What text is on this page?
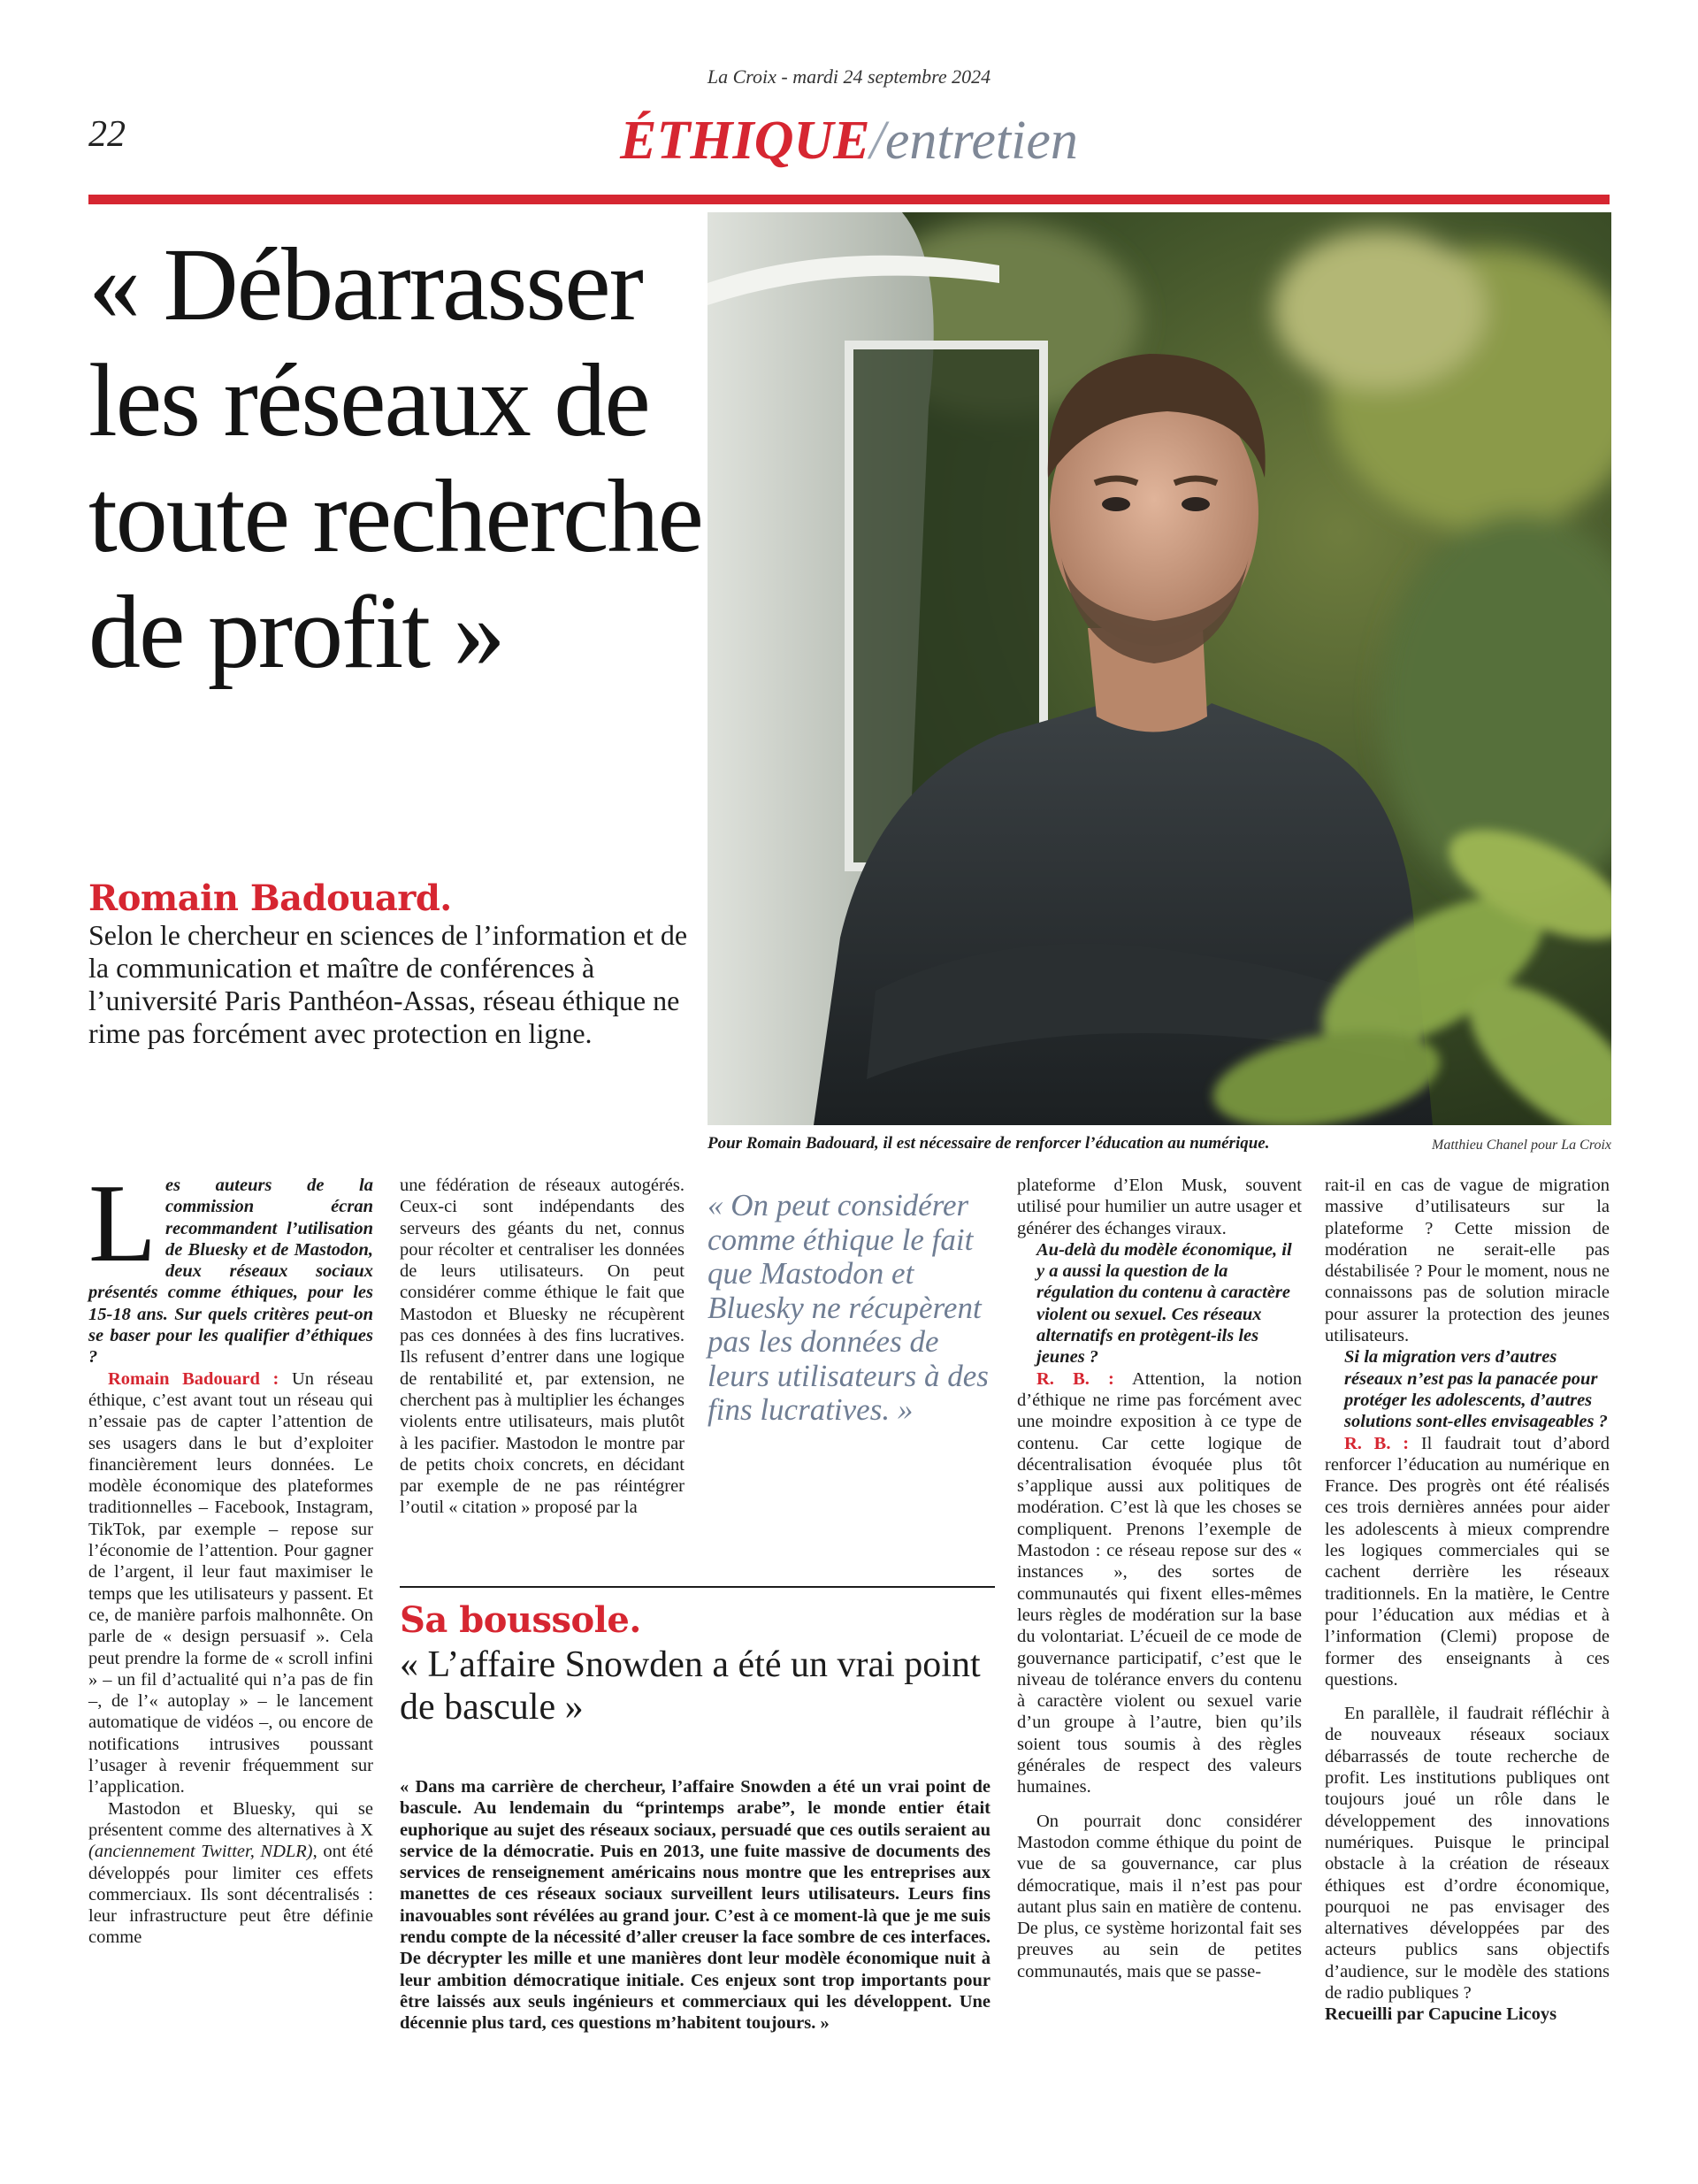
La Croix - mardi 24 septembre 2024
22	ÉTHIQUE/entretien
« Débarrasser les réseaux de toute recherche de profit »
Pour Romain Badouard, il est nécessaire de renforcer l’éducation au numérique.	Matthieu Chanel pour La Croix
Romain Badouard.
Selon le chercheur en sciences de l’information et de la communication et maître de conférences à l’université Paris Panthéon-Assas, réseau éthique ne rime pas forcément avec protection en ligne.

L es auteurs de la commission écran recommandent l’utilisation de Bluesky et de Mastodon, deux réseaux sociaux présentés comme éthiques, pour les 15-18 ans. Sur quels critères peut-on se baser pour les qualifier d’éthiques ?

Romain Badouard : Un réseau éthique, c’est avant tout un réseau qui n’essaie pas de capter l’attention de ses usagers dans le but d’exploiter financièrement leurs données. Le modèle économique des plateformes traditionnelles – Facebook, Instagram, TikTok, par exemple – repose sur l’économie de l’attention. Pour gagner de l’argent, il leur faut maximiser le temps que les utilisateurs y passent. Et ce, de manière parfois malhonnête. On parle de « design persuasif ». Cela peut prendre la forme de « scroll infini » – un fil d’actualité qui n’a pas de fin –, de l’« autoplay » – le lancement automatique de vidéos –, ou encore de notifications intrusives poussant l’usager à revenir fréquemment sur l’application.

Mastodon et Bluesky, qui se présentent comme des alternatives à X (anciennement Twitter, NDLR), ont été développés pour limiter ces effets commerciaux. Ils sont décentralisés : leur infrastructure peut être définie comme

une fédération de réseaux autogérés. Ceux-ci sont indépendants des serveurs des géants du net, connus pour récolter et centraliser les données de leurs utilisateurs. On peut considérer comme éthique le fait que Mastodon et Bluesky ne récupèrent pas ces données à des fins lucratives. Ils refusent d’entrer dans une logique de rentabilité et, par extension, ne cherchent pas à multiplier les échanges violents entre utilisateurs, mais plutôt à les pacifier. Mastodon le montre par de petits choix concrets, en décidant par exemple de ne pas réintégrer l’outil « citation » proposé par la

« On peut considérer comme éthique le fait que Mastodon et Bluesky ne récupèrent pas les données de leurs utilisateurs à des fins lucratives. »
Sa boussole.
« L’affaire Snowden a été un vrai point de bascule »
« Dans ma carrière de chercheur, l’affaire Snowden a été un vrai point de bascule. Au lendemain du “printemps arabe”, le monde entier était euphorique au sujet des réseaux sociaux, persuadé que ces outils seraient au service de la démocratie. Puis en 2013, une fuite massive de documents des services de renseignement américains nous montre que les entreprises aux manettes de ces réseaux sociaux surveillent leurs utilisateurs. Leurs fins inavouables sont révélées au grand jour. C’est à ce moment-là que je me suis rendu compte de la nécessité d’aller creuser la face sombre de ces interfaces. De décrypter les mille et une manières dont leur modèle économique nuit à leur ambition démocratique initiale. Ces enjeux sont trop importants pour être laissés aux seuls ingénieurs et commerciaux qui les développent. Une décennie plus tard, ces questions m’habitent toujours. »

plateforme d’Elon Musk, souvent utilisé pour humilier un autre usager et générer des échanges viraux.

Au-delà du modèle économique, il y a aussi la question de la régulation du contenu à caractère violent ou sexuel. Ces réseaux alternatifs en protègent-ils les jeunes ?

R. B. : Attention, la notion d’éthique ne rime pas forcément avec une moindre exposition à ce type de contenu. Car cette logique de décentralisation évoquée plus tôt s’applique aussi aux politiques de modération. C’est là que les choses se compliquent. Prenons l’exemple de Mastodon : ce réseau repose sur des « instances », des sortes de communautés qui fixent elles-mêmes leurs règles de modération sur la base du volontariat. L’écueil de ce mode de gouvernance participatif, c’est que le niveau de tolérance envers du contenu à caractère violent ou sexuel varie d’un groupe à l’autre, bien qu’ils soient tous soumis à des règles générales de respect des valeurs humaines.

On pourrait donc considérer Mastodon comme éthique du point de vue de sa gouvernance, car plus démocratique, mais il n’est pas pour autant plus sain en matière de contenu. De plus, ce système horizontal fait ses preuves au sein de petites communautés, mais que se passe-

rait-il en cas de vague de migration massive d’utilisateurs sur la plateforme ? Cette mission de modération ne serait-elle pas déstabilisée ? Pour le moment, nous ne connaissons pas de solution miracle pour assurer la protection des jeunes utilisateurs.

Si la migration vers d’autres réseaux n’est pas la panacée pour protéger les adolescents, d’autres solutions sont-elles envisageables ?

R. B. : Il faudrait tout d’abord renforcer l’éducation au numérique en France. Des progrès ont été réalisés ces trois dernières années pour aider les adolescents à mieux comprendre les logiques commerciales qui se cachent derrière les réseaux traditionnels. En la matière, le Centre pour l’éducation aux médias et à l’information (Clemi) propose de former des enseignants à ces questions.

En parallèle, il faudrait réfléchir à de nouveaux réseaux sociaux débarrassés de toute recherche de profit. Les institutions publiques ont toujours joué un rôle dans le développement des innovations numériques. Puisque le principal obstacle à la création de réseaux éthiques est d’ordre économique, pourquoi ne pas envisager des alternatives développées par des acteurs publics sans objectifs d’audience, sur le modèle des stations de radio publiques ?

Recueilli par Capucine Licoys
